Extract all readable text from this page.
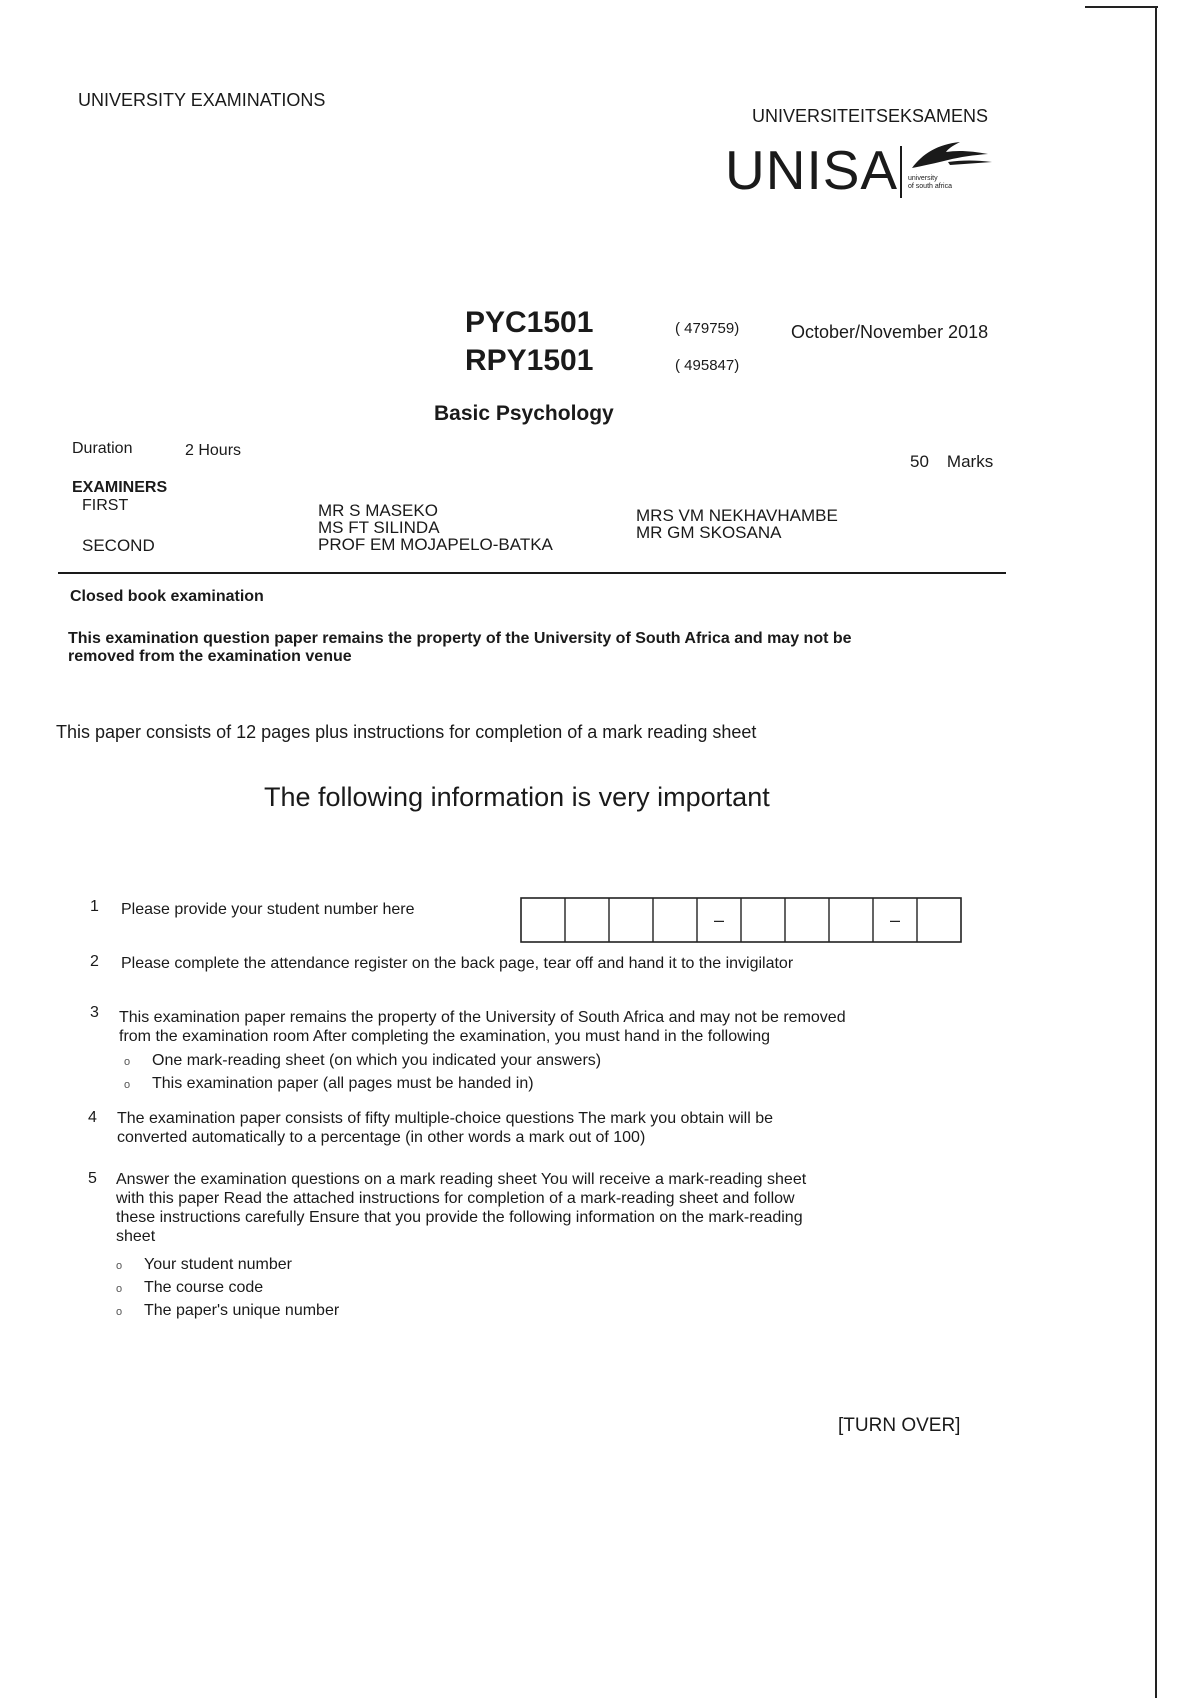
UNIVERSITY EXAMINATIONS
UNIVERSITEITSEKSAMENS
UNISA university
of south africa
PYC1501
RPY1501
( 479759)
( 495847)
October/November 2018
Basic Psychology
Duration	2 Hours
50 Marks
EXAMINERS
FIRST
SECOND
MR S MASEKO
MS FT SILINDA
PROF EM MOJAPELO-BATKA
MRS VM NEKHAVHAMBE
MR GM SKOSANA
Closed book examination
This examination question paper remains the property of the University of South Africa and may not be
removed from the examination venue
This paper consists of 12 pages plus instructions for completion of a mark reading sheet
The following information is very important
1 Please provide your student number here
–	–
2 Please complete the attendance register on the back page, tear off and hand it to the invigilator
3 This examination paper remains the property of the University of South Africa and may not be removed
from the examination room After completing the examination, you must hand in the following
o One mark-reading sheet (on which you indicated your answers)
o This examination paper (all pages must be handed in)
4 The examination paper consists of fifty multiple-choice questions The mark you obtain will be
converted automatically to a percentage (in other words a mark out of 100)
5 Answer the examination questions on a mark reading sheet You will receive a mark-reading sheet
with this paper Read the attached instructions for completion of a mark-reading sheet and follow
these instructions carefully Ensure that you provide the following information on the mark-reading
sheet
o Your student number
o The course code
o The paper's unique number
[TURN OVER]
